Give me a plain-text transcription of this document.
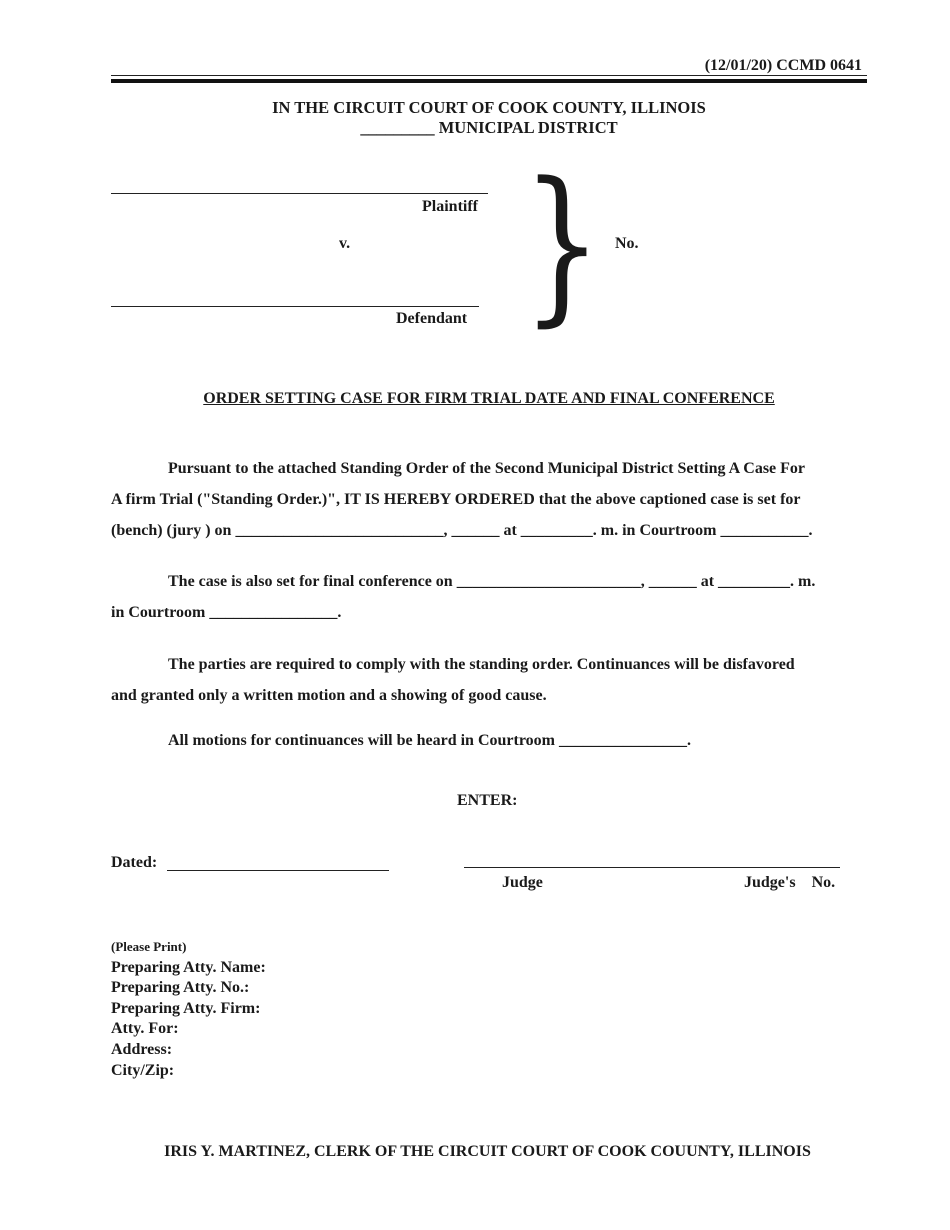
(12/01/20) CCMD 0641
IN THE CIRCUIT COURT OF COOK COUNTY, ILLINOIS
_________ MUNICIPAL DISTRICT
Plaintiff
v.
Defendant } No.
ORDER SETTING CASE FOR FIRM TRIAL DATE AND FINAL CONFERENCE
Pursuant to the attached Standing Order of the Second Municipal District Setting A Case For
A firm Trial ("Standing Order.)", IT IS HEREBY ORDERED that the above captioned case is set for
(bench) (jury ) on __________________________, ______ at _________. m. in Courtroom ___________.
The case is also set for final conference on _______________________, ______ at _________. m.
in Courtroom ________________.
The parties are required to comply with the standing order. Continuances will be disfavored
and granted only a written motion and a showing of good cause.
All motions for continuances will be heard in Courtroom ________________.
ENTER:
Dated:
Judge	Judge's    No.
(Please Print)
Preparing Atty. Name:
Preparing Atty. No.:
Preparing Atty. Firm:
Atty. For:
Address:
City/Zip:
IRIS Y. MARTINEZ, CLERK OF THE CIRCUIT COURT OF COOK COUUNTY, ILLINOIS
